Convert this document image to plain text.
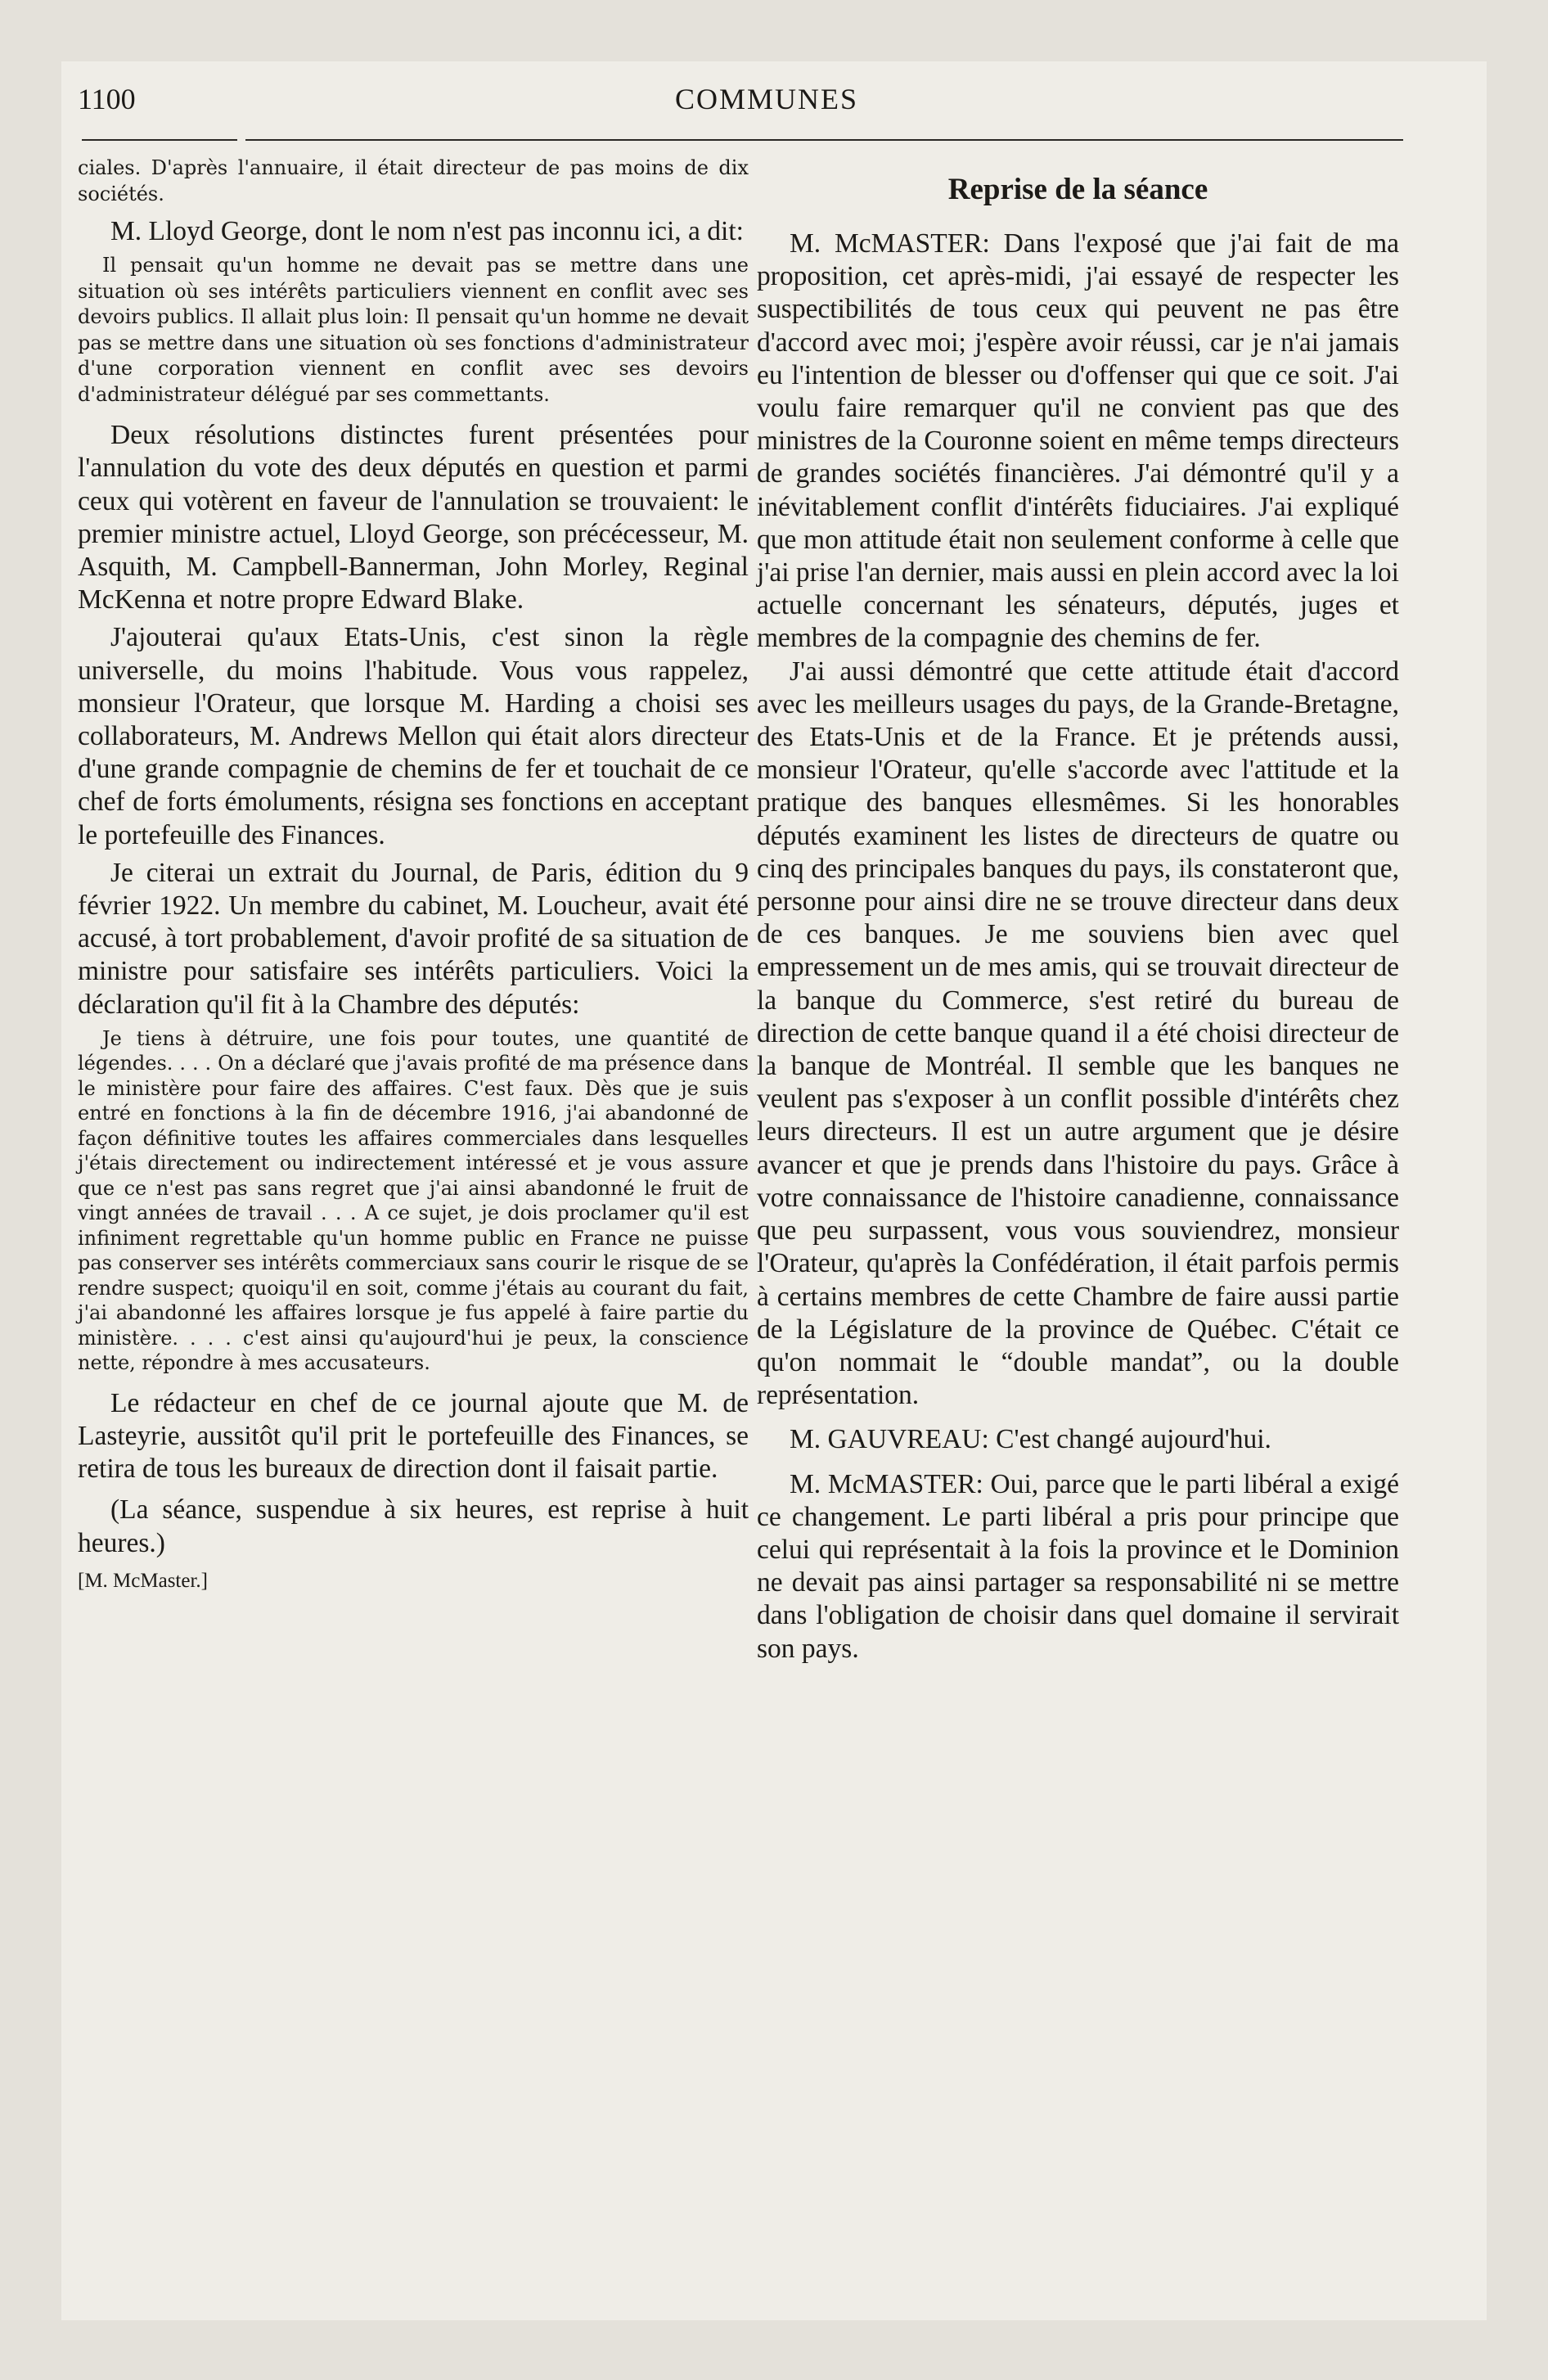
1100	COMMUNES

ciales. D'après l'annuaire, il était directeur de pas moins de dix sociétés.

M. Lloyd George, dont le nom n'est pas inconnu ici, a dit:

Il pensait qu'un homme ne devait pas se mettre dans une situation où ses intérêts particuliers viennent en conflit avec ses devoirs publics. Il allait plus loin: Il pensait qu'un homme ne devait pas se mettre dans une situation où ses fonctions d'administrateur d'une corporation viennent en conflit avec ses devoirs d'administrateur délégué par ses commettants.

Deux résolutions distinctes furent présentées pour l'annulation du vote des deux députés en question et parmi ceux qui votèrent en faveur de l'annulation se trouvaient: le premier ministre actuel, Lloyd George, son précécesseur, M. Asquith, M. Campbell-Bannerman, John Morley, Reginal McKenna et notre propre Edward Blake.

J'ajouterai qu'aux Etats-Unis, c'est sinon la règle universelle, du moins l'habitude. Vous vous rappelez, monsieur l'Orateur, que lorsque M. Harding a choisi ses collaborateurs, M. Andrews Mellon qui était alors directeur d'une grande compagnie de chemins de fer et touchait de ce chef de forts émoluments, résigna ses fonctions en acceptant le portefeuille des Finances.

Je citerai un extrait du Journal, de Paris, édition du 9 février 1922. Un membre du cabinet, M. Loucheur, avait été accusé, à tort probablement, d'avoir profité de sa situation de ministre pour satisfaire ses intérêts particuliers. Voici la déclaration qu'il fit à la Chambre des députés:

Je tiens à détruire, une fois pour toutes, une quantité de légendes. . . . On a déclaré que j'avais profité de ma présence dans le ministère pour faire des affaires. C'est faux. Dès que je suis entré en fonctions à la fin de décembre 1916, j'ai abandonné de façon définitive toutes les affaires commerciales dans lesquelles j'étais directement ou indirectement intéressé et je vous assure que ce n'est pas sans regret que j'ai ainsi abandonné le fruit de vingt années de travail . . . A ce sujet, je dois proclamer qu'il est infiniment regrettable qu'un homme public en France ne puisse pas conserver ses intérêts commerciaux sans courir le risque de se rendre suspect; quoiqu'il en soit, comme j'étais au courant du fait, j'ai abandonné les affaires lorsque je fus appelé à faire partie du ministère. . . . c'est ainsi qu'aujourd'hui je peux, la conscience nette, répondre à mes accusateurs.

Le rédacteur en chef de ce journal ajoute que M. de Lasteyrie, aussitôt qu'il prit le portefeuille des Finances, se retira de tous les bureaux de direction dont il faisait partie.

(La séance, suspendue à six heures, est reprise à huit heures.)

[M. McMaster.]

Reprise de la séance

M. McMASTER: Dans l'exposé que j'ai fait de ma proposition, cet après-midi, j'ai essayé de respecter les suspectibilités de tous ceux qui peuvent ne pas être d'accord avec moi; j'espère avoir réussi, car je n'ai jamais eu l'intention de blesser ou d'offenser qui que ce soit. J'ai voulu faire remarquer qu'il ne convient pas que des ministres de la Couronne soient en même temps directeurs de grandes sociétés financières. J'ai démontré qu'il y a inévitablement conflit d'intérêts fiduciaires. J'ai expliqué que mon attitude était non seulement conforme à celle que j'ai prise l'an dernier, mais aussi en plein accord avec la loi actuelle concernant les sénateurs, députés, juges et membres de la compagnie des chemins de fer.

J'ai aussi démontré que cette attitude était d'accord avec les meilleurs usages du pays, de la Grande-Bretagne, des Etats-Unis et de la France. Et je prétends aussi, monsieur l'Orateur, qu'elle s'accorde avec l'attitude et la pratique des banques ellesmêmes. Si les honorables députés examinent les listes de directeurs de quatre ou cinq des principales banques du pays, ils constateront que, personne pour ainsi dire ne se trouve directeur dans deux de ces banques. Je me souviens bien avec quel empressement un de mes amis, qui se trouvait directeur de la banque du Commerce, s'est retiré du bureau de direction de cette banque quand il a été choisi directeur de la banque de Montréal. Il semble que les banques ne veulent pas s'exposer à un conflit possible d'intérêts chez leurs directeurs. Il est un autre argument que je désire avancer et que je prends dans l'histoire du pays. Grâce à votre connaissance de l'histoire canadienne, connaissance que peu surpassent, vous vous souviendrez, monsieur l'Orateur, qu'après la Confédération, il était parfois permis à certains membres de cette Chambre de faire aussi partie de la Législature de la province de Québec. C'était ce qu'on nommait le “double mandat”, ou la double représentation.

M. GAUVREAU: C'est changé aujourd'hui.

M. McMASTER: Oui, parce que le parti libéral a exigé ce changement. Le parti libéral a pris pour principe que celui qui représentait à la fois la province et le Dominion ne devait pas ainsi partager sa responsabilité ni se mettre dans l'obligation de choisir dans quel domaine il servirait son pays.
